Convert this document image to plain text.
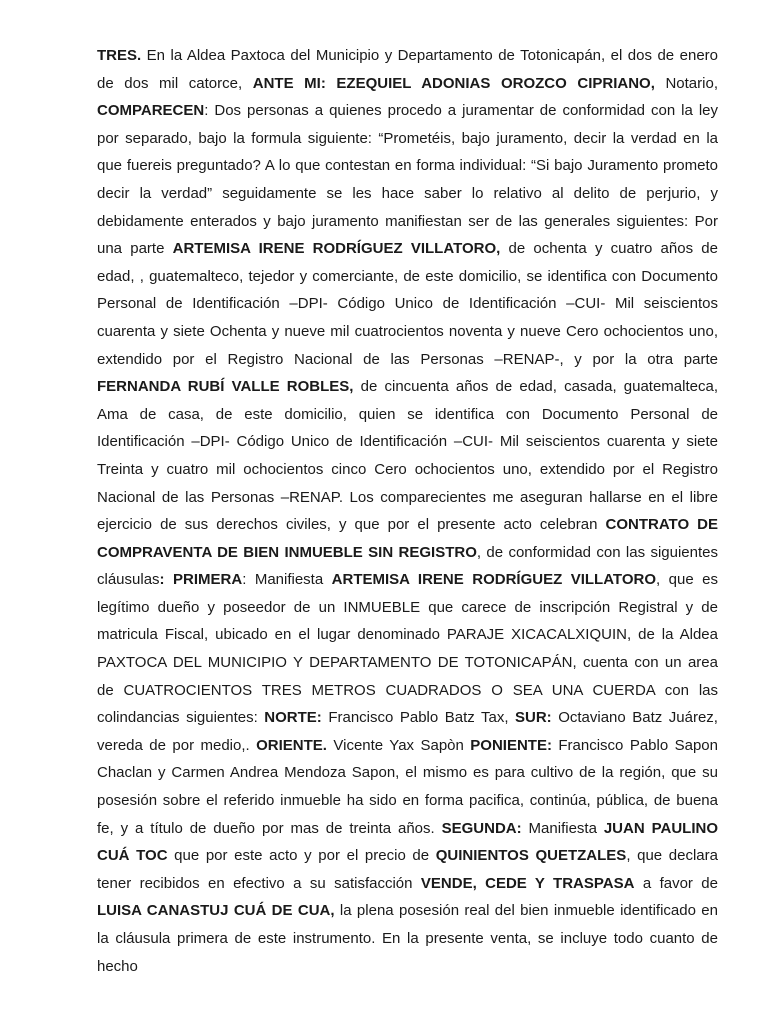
TRES. En la Aldea Paxtoca del Municipio y Departamento de Totonicapán, el dos de enero de dos mil catorce, ANTE MI: EZEQUIEL ADONIAS OROZCO CIPRIANO, Notario, COMPARECEN: Dos personas a quienes procedo a juramentar de conformidad con la ley por separado, bajo la formula siguiente: “Prometéis, bajo juramento, decir la verdad en la que fuereis preguntado? A lo que contestan en forma individual: “Si bajo Juramento prometo decir la verdad” seguidamente se les hace saber lo relativo al delito de perjurio, y debidamente enterados y bajo juramento manifiestan ser de las generales siguientes: Por una parte ARTEMISA IRENE RODRÍGUEZ VILLATORO, de ochenta y cuatro años de edad, , guatemalteco, tejedor y comerciante, de este domicilio, se identifica con Documento Personal de Identificación –DPI- Código Unico de Identificación –CUI- Mil seiscientos cuarenta y siete Ochenta y nueve mil cuatrocientos noventa y nueve Cero ochocientos uno, extendido por el Registro Nacional de las Personas –RENAP-, y por la otra parte FERNANDA RUBÍ VALLE ROBLES, de cincuenta años de edad, casada, guatemalteca, Ama de casa, de este domicilio, quien se identifica con Documento Personal de Identificación –DPI- Código Unico de Identificación –CUI- Mil seiscientos cuarenta y siete Treinta y cuatro mil ochocientos cinco Cero ochocientos uno, extendido por el Registro Nacional de las Personas –RENAP. Los comparecientes me aseguran hallarse en el libre ejercicio de sus derechos civiles, y que por el presente acto celebran CONTRATO DE COMPRAVENTA DE BIEN INMUEBLE SIN REGISTRO, de conformidad con las siguientes cláusulas: PRIMERA: Manifiesta ARTEMISA IRENE RODRÍGUEZ VILLATORO, que es legítimo dueño y poseedor de un INMUEBLE que carece de inscripción Registral y de matricula Fiscal, ubicado en el lugar denominado PARAJE XICACALXIQUIN, de la Aldea PAXTOCA DEL MUNICIPIO Y DEPARTAMENTO DE TOTONICAPÁN, cuenta con un area de CUATROCIENTOS TRES METROS CUADRADOS O SEA UNA CUERDA con las colindancias siguientes: NORTE: Francisco Pablo Batz Tax, SUR: Octaviano Batz Juárez, vereda de por medio,. ORIENTE. Vicente Yax Sapòn PONIENTE: Francisco Pablo Sapon Chaclan y Carmen Andrea Mendoza Sapon, el mismo es para cultivo de la región, que su posesión sobre el referido inmueble ha sido en forma pacifica, continúa, pública, de buena fe, y a título de dueño por mas de treinta años. SEGUNDA: Manifiesta JUAN PAULINO CUÁ TOC que por este acto y por el precio de QUINIENTOS QUETZALES, que declara tener recibidos en efectivo a su satisfacción VENDE, CEDE Y TRASPASA a favor de LUISA CANASTUJ CUÁ DE CUA, la plena posesión real del bien inmueble identificado en la cláusula primera de este instrumento. En la presente venta, se incluye todo cuanto de hecho
